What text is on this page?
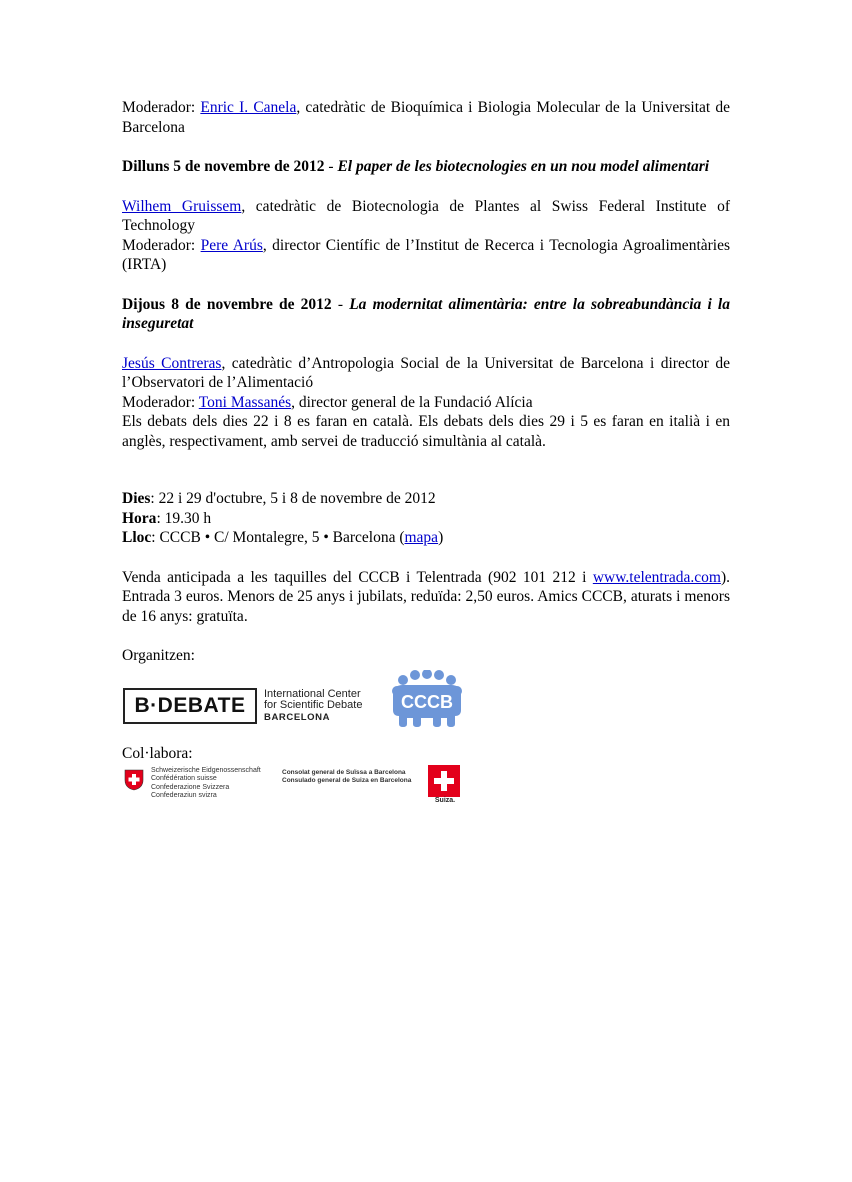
Moderador: Enric I. Canela, catedràtic de Bioquímica i Biologia Molecular de la Universitat de Barcelona

Dilluns 5 de novembre de 2012 - El paper de les biotecnologies en un nou model alimentari

Wilhem Gruissem, catedràtic de Biotecnologia de Plantes al Swiss Federal Institute of Technology

Moderador: Pere Arús, director Científic de l’Institut de Recerca i Tecnologia Agroalimentàries (IRTA)

Dijous 8 de novembre de 2012 - La modernitat alimentària: entre la sobreabundància i la inseguretat

Jesús Contreras, catedràtic d’Antropologia Social de la Universitat de Barcelona i director de l’Observatori de l’Alimentació

Moderador: Toni Massanés, director general de la Fundació Alícia

Els debats dels dies 22 i 8 es faran en català. Els debats dels dies 29 i 5 es faran en italià i en anglès, respectivament, amb servei de traducció simultània al català.

Dies: 22 i 29 d'octubre, 5 i 8 de novembre de 2012

Hora: 19.30 h

Lloc: CCCB • C/ Montalegre, 5 • Barcelona (mapa)

Venda anticipada a les taquilles del CCCB i Telentrada (902 101 212 i www.telentrada.com). Entrada 3 euros. Menors de 25 anys i jubilats, reduïda: 2,50 euros. Amics CCCB, aturats i menors de 16 anys: gratuïta.

Organitzen:

B·DEBATE	International Center
for Scientific Debate
BARCELONA
CCCB

Col·labora:

Schweizerische Eidgenossenschaft
Confédération suisse
Confederazione Svizzera
Confederaziun svizra
Consolat general de Suïssa a Barcelona
Consulado general de Suiza en Barcelona
Suiza.
